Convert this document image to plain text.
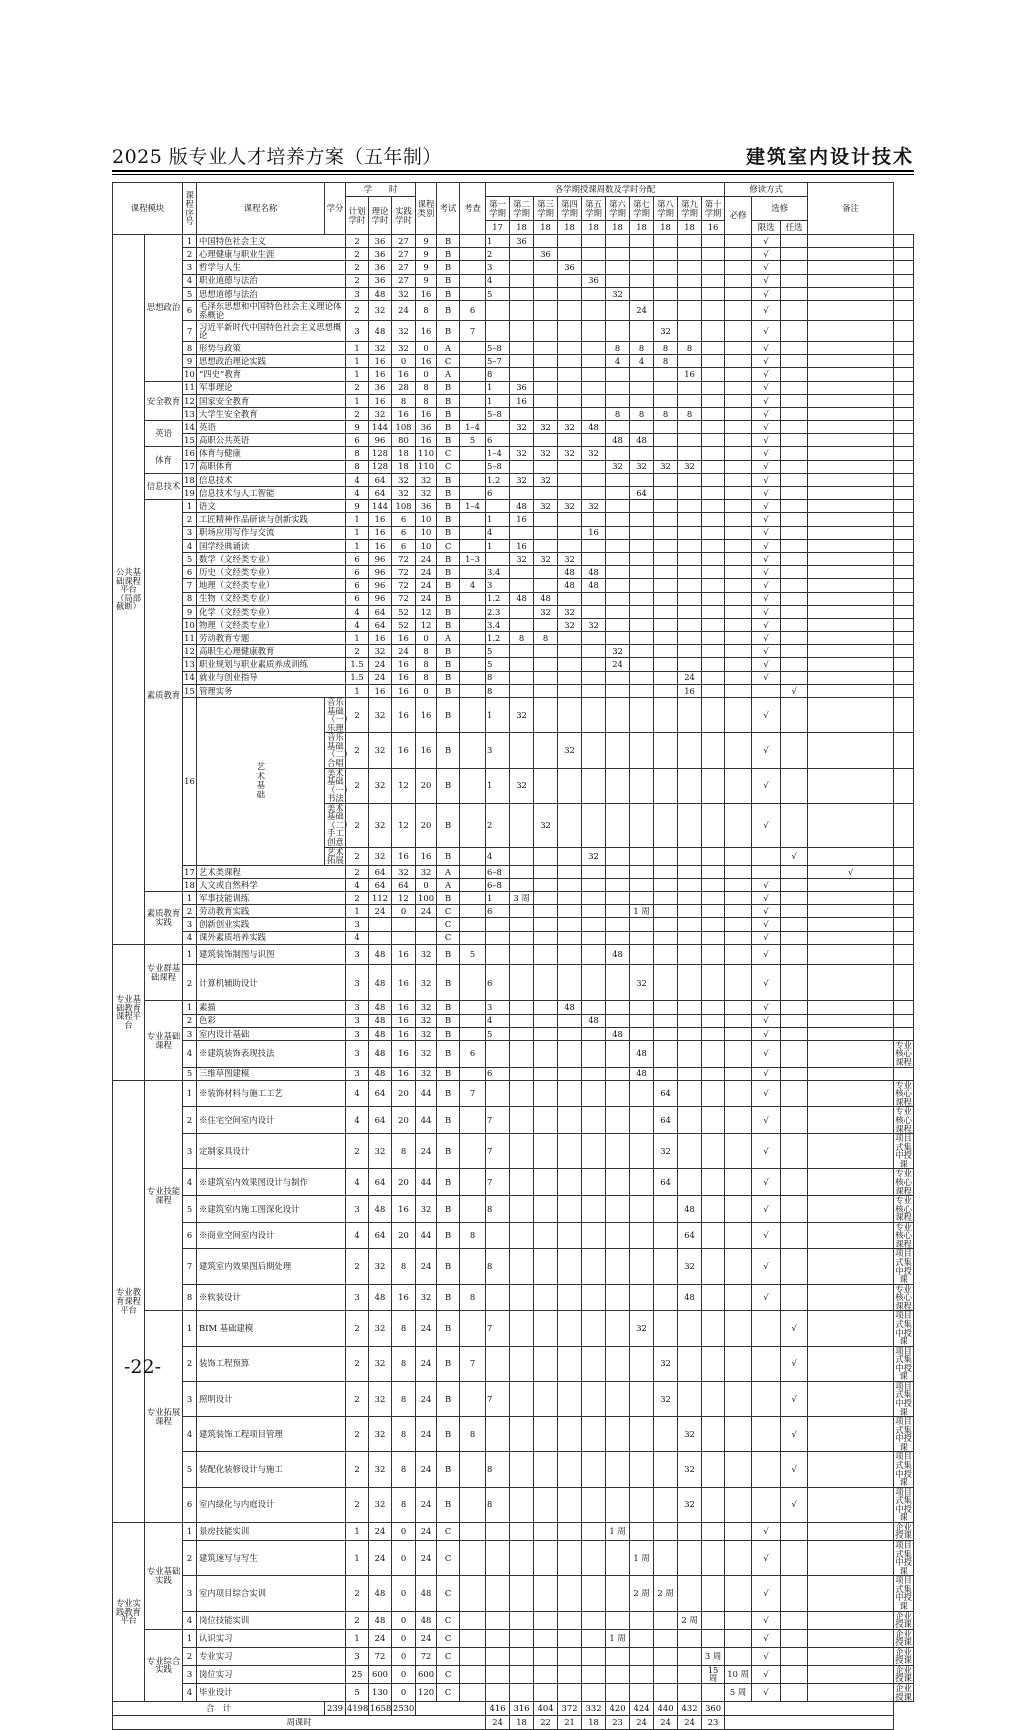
2025 版专业人才培养方案（五年制）	建筑室内设计技术
课程模块		课程序号	课程名称	学分	学　　时			课程类别	考试	考查	各学期授课周数及学时分配										修读方式			备注	
					计划学时	理论学时	实践学时				第一学期	第二学期	第三学期	第四学期	第五学期	第六学期	第七学期	第八学期	第九学期	第十学期	必修	选修			
																						限选	任选		
											17	18	18	18	18	18	18	18	18	16					
公共基础课程平台（局部截断）	思想政治	1	中国特色社会主义		2	36	27	9	B		1	36										√			
		2	心理健康与职业生涯		2	36	27	9	B		2		36									√			
		3	哲学与人生		2	36	27	9	B		3			36								√			
		4	职业道德与法治		2	36	27	9	B		4				36							√			
		5	思想道德与法治		3	48	32	16	B		5					32						√			
		6	毛泽东思想和中国特色社会主义理论体系概论		2	32	24	8	B	6							24					√			
		7	习近平新时代中国特色社会主义思想概论		3	48	32	16	B	7								32				√			
		8	形势与政策		1	32	32	0	A		5–8					8	8	8	8			√			
		9	思想政治理论实践		1	16	0	16	C		5–7					4	4	8				√			
		10	“四史”教育		1	16	16	0	A		8								16			√			
	安全教育	11	军事理论		2	36	28	8	B		1	36										√			
		12	国家安全教育		1	16	8	8	B		1	16										√			
		13	大学生安全教育		2	32	16	16	B		5–8					8	8	8	8			√			
	英语	14	英语		9	144	108	36	B	1–4		32	32	32	48							√			
		15	高职公共英语		6	96	80	16	B	5	6					48	48					√			
	体育	16	体育与健康		8	128	18	110	C		1–4	32	32	32	32							√			
		17	高职体育		8	128	18	110	C		5–8					32	32	32	32			√			
	信息技术	18	信息技术		4	64	32	32	B		1.2	32	32									√			
		19	信息技术与人工智能		4	64	32	32	B		6						64					√			
	素质教育	1	语文		9	144	108	36	B	1–4		48	32	32	32							√			
		2	工匠精神作品研读与创新实践		1	16	6	10	B		1	16										√			
		3	职场应用写作与交流		1	16	6	10	B		4				16							√			
		4	国学经典诵读		1	16	6	10	C		1	16										√			
		5	数学（文经类专业）		6	96	72	24	B	1–3		32	32	32								√			
		6	历史（文经类专业）		6	96	72	24	B		3.4			48	48							√			
		7	地理（文经类专业）		6	96	72	24	B	4	3			48	48							√			
		8	生物（文经类专业）		6	96	72	24	B		1.2	48	48									√			
		9	化学（文经类专业）		4	64	52	12	B		2.3		32	32								√			
		10	物理（文经类专业）		4	64	52	12	B		3.4			32	32							√			
		11	劳动教育专题		1	16	16	0	A		1.2	8	8									√			
		12	高职生心理健康教育		2	32	24	8	B		5					32						√			
		13	职业规划与职业素质养成训练		1.5	24	16	8	B		5					24						√			
		14	就业与创业指导		1.5	24	16	8	B		8								24			√			
		15	管理实务		1	16	16	0	B		8								16				√		
		16	艺术基础	音乐基础（一）乐理	2	32	16	16	B		1	32										√			
				音乐基础（二）合唱	2	32	16	16	B		3			32								√			
				美术基础（一）书法	2	32	12	20	B		1	32										√			
				美术基础（二）手工创意	2	32	12	20	B		2		32									√			
				艺术拓展	2	32	16	16	B		4				32								√		
		17	艺术类课程		2	64	32	32	A		6–8													√	
		18	人文或自然科学		4	64	64	0	A		6–8											√			
	素质教育实践	1	军事技能训练		2	112	12	100	B		1	3 周										√			
		2	劳动教育实践		1	24	0	24	C		6						1 周					√			
		3	创新创业实践		3				C													√			
		4	课外素质培养实践		4				C													√			
专业基础教育课程平台	专业群基础课程	1	建筑装饰制图与识图		3	48	16	32	B	5						48						√			
		2	计算机辅助设计		3	48	16	32	B		6						32					√			
	专业基础课程	1	素描		3	48	16	32	B		3			48								√			
		2	色彩		3	48	16	32	B		4				48							√			
		3	室内设计基础		3	48	16	32	B		5					48						√			
		4	※建筑装饰表现技法		3	48	16	32	B	6							48					√			专业核心课程
		5	三维草图建模		3	48	16	32	B		6						48					√			
专业教育课程平台	专业技能课程	1	※装饰材料与施工工艺		4	64	20	44	B	7								64				√			专业核心课程
		2	※住宅空间室内设计		4	64	20	44	B		7							64				√			专业核心课程
		3	定制家具设计		2	32	8	24	B		7							32				√			项目式集中授课
		4	※建筑室内效果图设计与制作		4	64	20	44	B		7							64				√			专业核心课程
		5	※建筑室内施工图深化设计		3	48	16	32	B		8								48			√			专业核心课程
		6	※商业空间室内设计		4	64	20	44	B	8									64			√			专业核心课程
		7	建筑室内效果图后期处理		2	32	8	24	B		8								32			√			项目式集中授课
		8	※软装设计		3	48	16	32	B	8									48			√			专业核心课程
	专业拓展课程	1	BIM 基础建模		2	32	8	24	B		7						32						√		项目式集中授课
		2	装饰工程预算		2	32	8	24	B	7								32					√		项目式集中授课
		3	照明设计		2	32	8	24	B		7							32					√		项目式集中授课
		4	建筑装饰工程项目管理		2	32	8	24	B	8									32				√		项目式集中授课
		5	装配化装修设计与施工		2	32	8	24	B		8								32				√		项目式集中授课
		6	室内绿化与内庭设计		2	32	8	24	B		8								32				√		项目式集中授课
专业实践教育平台	专业基础实践	1	景房技能实训		1	24	0	24	C							1 周						√			企业授课
		2	建筑速写与写生		1	24	0	24	C								1 周					√			项目式集中授课
		3	室内项目综合实训		2	48	0	48	C								2 周	2 周				√			项目式集中授课
		4	岗位技能实训		2	48	0	48	C										2 周			√			企业授课
	专业综合实践	1	认识实习		1	24	0	24	C							1 周						√			企业授课
		2	专业实习		3	72	0	72	C											3 周		√			企业授课
		3	岗位实习		25	600	0	600	C											15 周	10 周	√			企业授课
		4	毕业设计		5	130	0	120	C												5 周	√			企业授课
合　计				239	4198	1658	2530				416	316	404	372	332	420	424	440	432	360					
周课时											24	18	22	21	18	23	24	24	24	23					
-22-
